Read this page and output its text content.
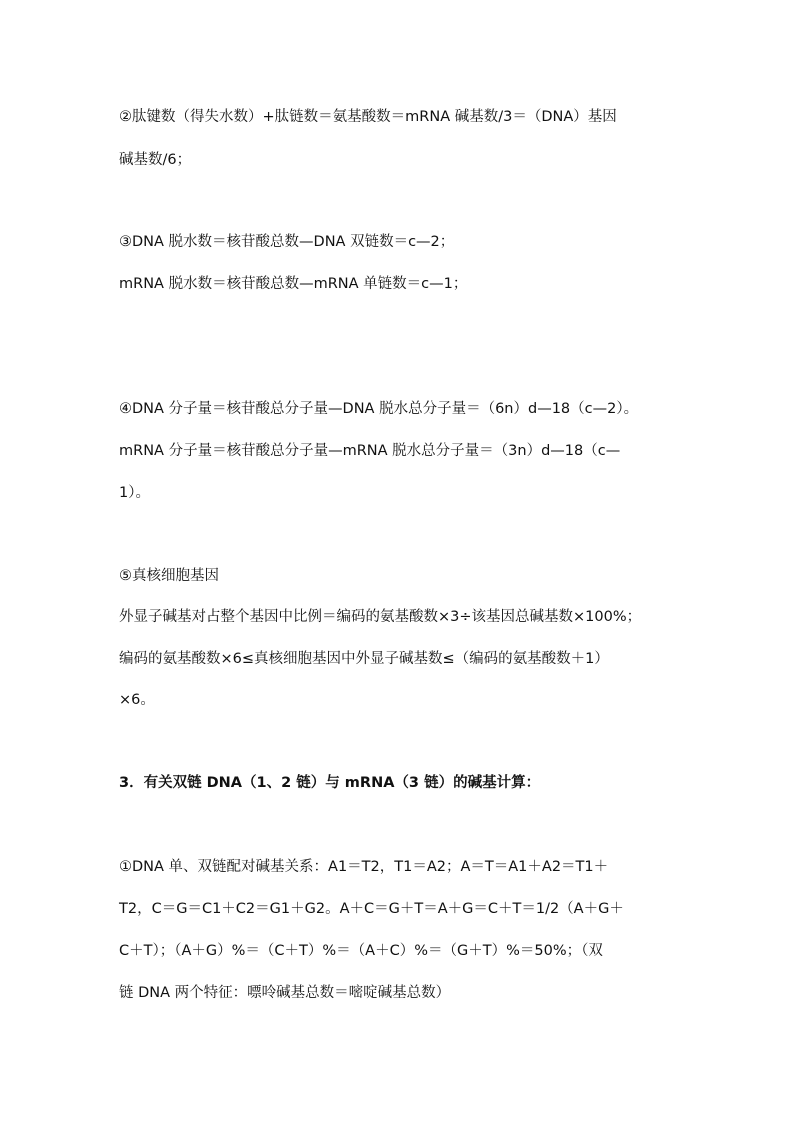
②肽键数（得失水数）+肽链数＝氨基酸数＝mRNA 碱基数/3＝（DNA）基因
碱基数/6；
③DNA 脱水数＝核苷酸总数—DNA 双链数＝c—2；
mRNA 脱水数＝核苷酸总数—mRNA 单链数＝c—1；
④DNA 分子量＝核苷酸总分子量—DNA 脱水总分子量＝（6n）d—18（c—2）。
mRNA 分子量＝核苷酸总分子量—mRNA 脱水总分子量＝（3n）d—18（c—
1）。
⑤真核细胞基因
外显子碱基对占整个基因中比例＝编码的氨基酸数×3÷该基因总碱基数×100%；
编码的氨基酸数×6≤真核细胞基因中外显子碱基数≤（编码的氨基酸数＋1）
×6。
3．有关双链 DNA（1、2 链）与 mRNA（3 链）的碱基计算：
①DNA 单、双链配对碱基关系：A1＝T2，T1＝A2；A＝T＝A1＋A2＝T1＋
T2，C＝G＝C1＋C2＝G1＋G2。A＋C＝G＋T＝A＋G＝C＋T＝1/2（A＋G＋
C＋T）；（A＋G）%＝（C＋T）%＝（A＋C）%＝（G＋T）%＝50%；（双
链 DNA 两个特征：嘌呤碱基总数＝嘧啶碱基总数）
